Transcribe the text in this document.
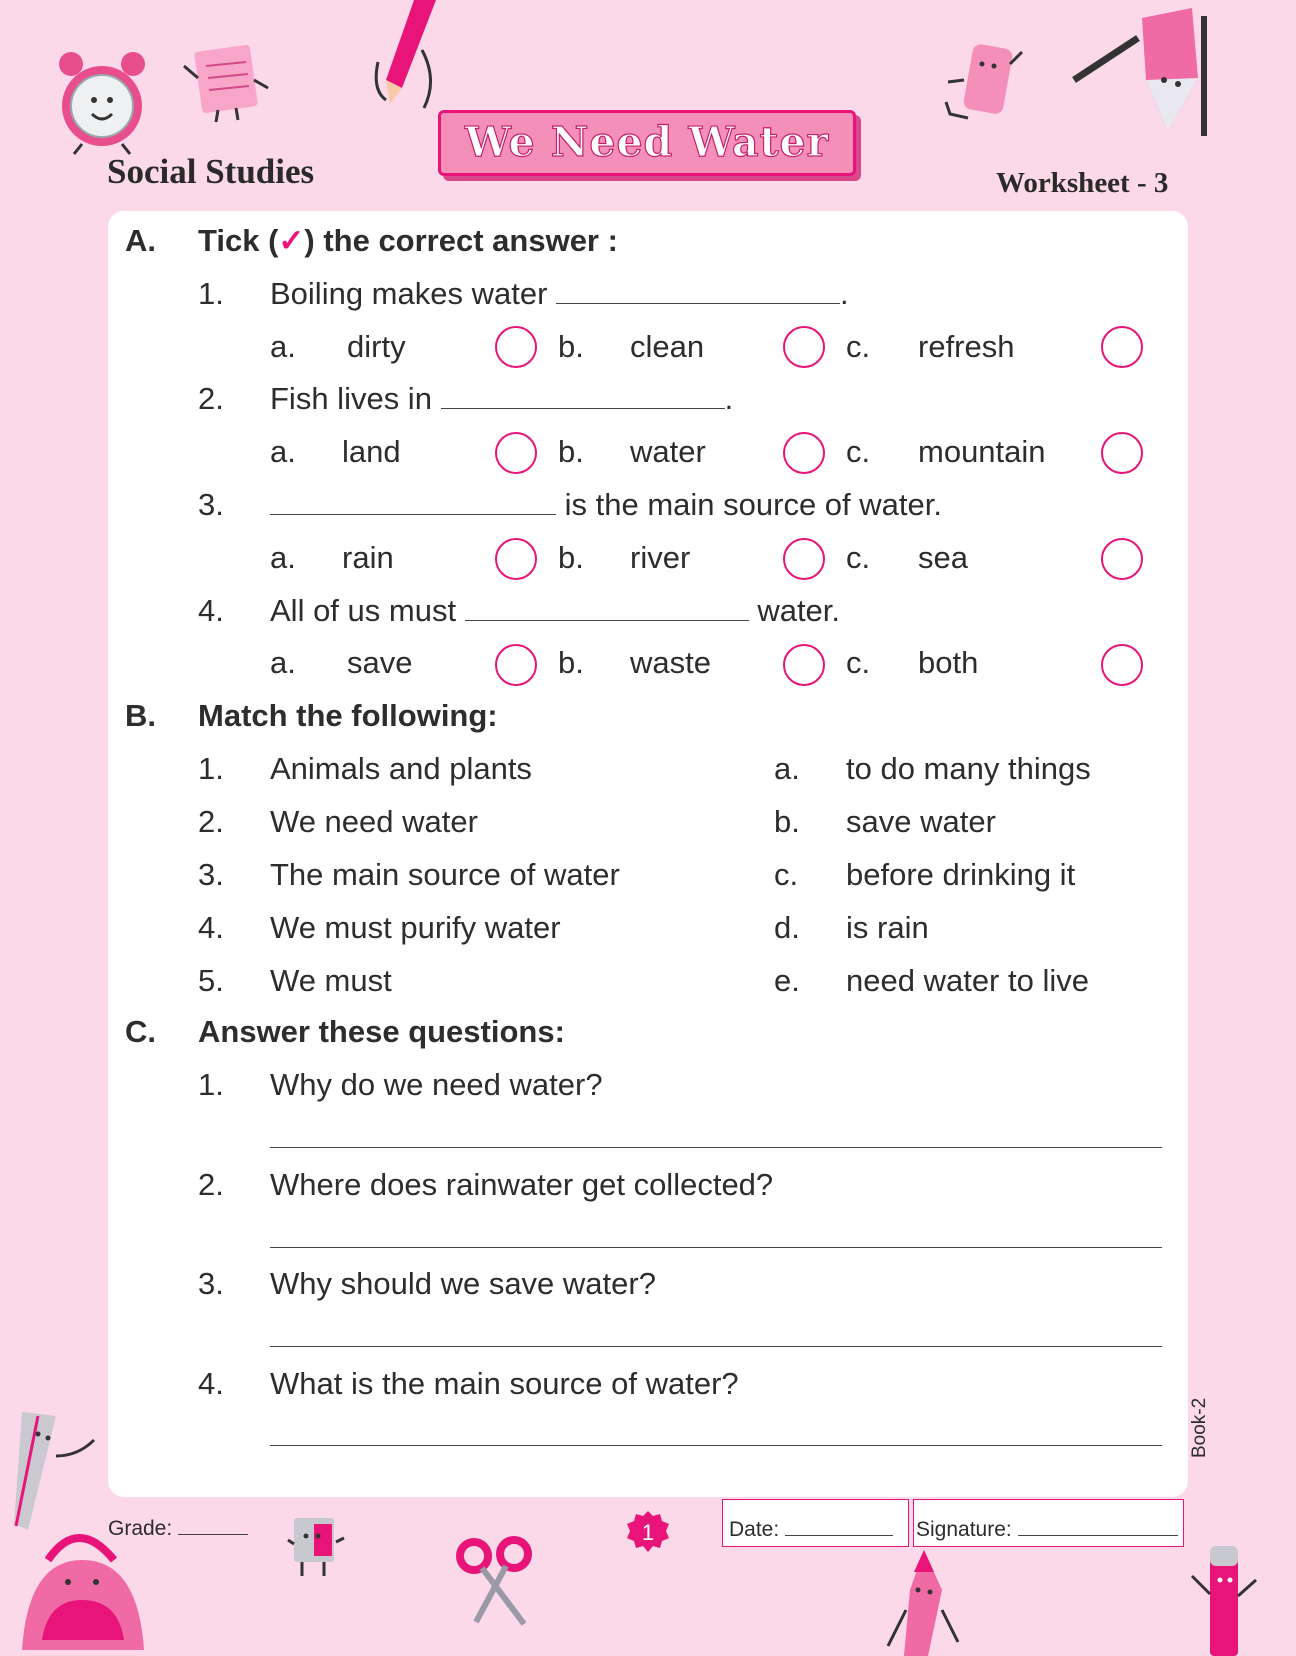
Social Studies
We Need Water
Worksheet - 3
A. Tick (✓) the correct answer :
1. Boiling makes water	.
a. dirty	b. clean	c. refresh
2. Fish lives in	.
a. land	b. water	c. mountain
3.	is the main source of water.
a. rain	b. river	c. sea
4. All of us must	water.
a. save	b. waste	c. both
B. Match the following:
1. Animals and plants	a. to do many things
2. We need water	b. save water
3. The main source of water	c. before drinking it
4. We must purify water	d. is rain
5. We must	e. need water to live
C. Answer these questions:
1. Why do we need water?
2. Where does rainwater get collected?
3. Why should we save water?
4. What is the main source of water?
Book-2
Grade:	1	Date:	Signature:
